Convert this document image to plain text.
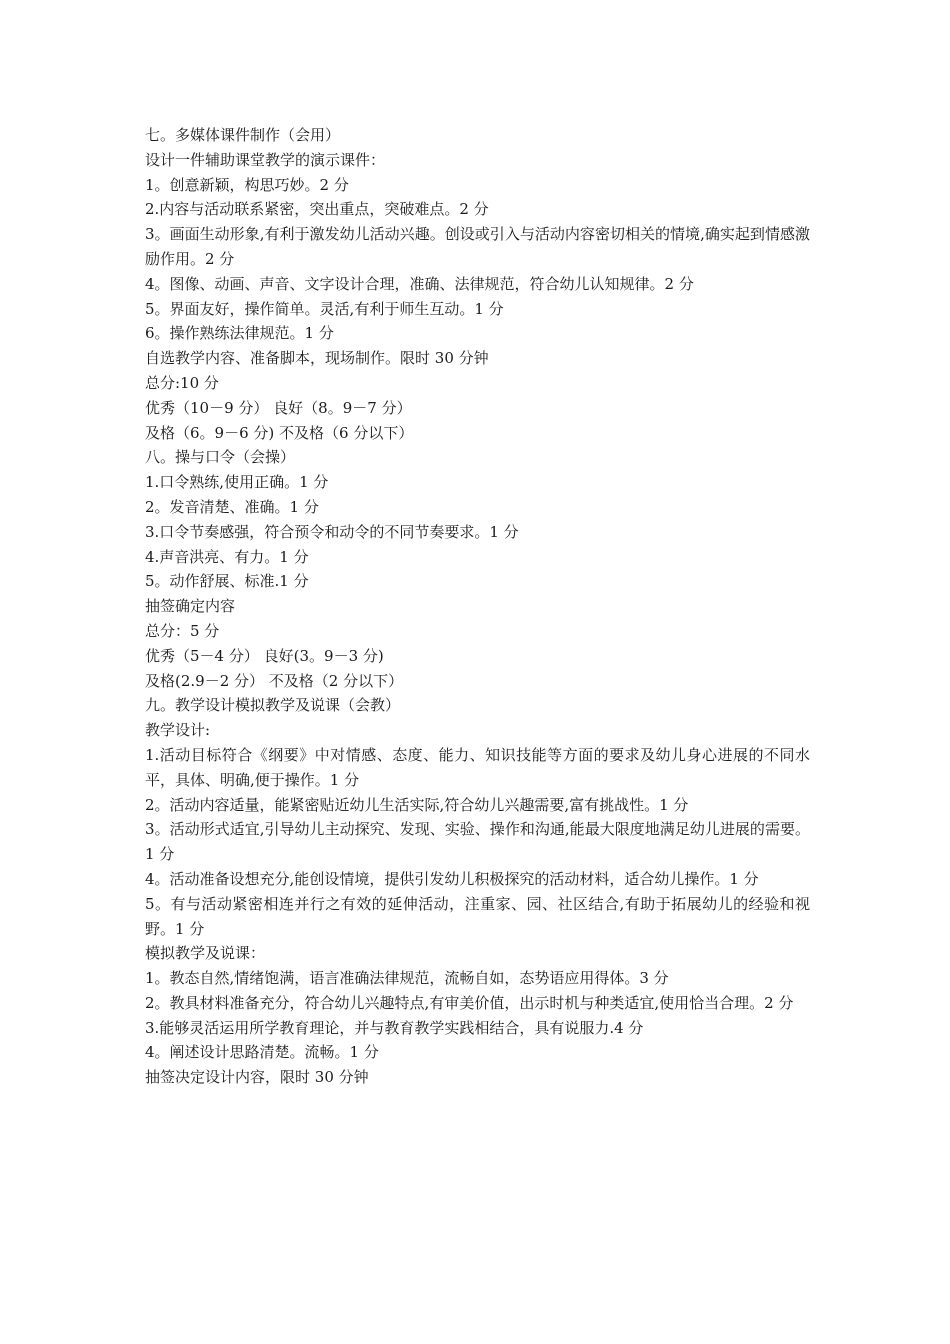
七。多媒体课件制作（会用）

设计一件辅助课堂教学的演示课件：

1。创意新颖，构思巧妙。2 分

2.内容与活动联系紧密，突出重点，突破难点。2 分

3。画面生动形象,有利于激发幼儿活动兴趣。创设或引入与活动内容密切相关的情境,确实起到情感激励作用。2 分

4。图像、动画、声音、文字设计合理，准确、法律规范，符合幼儿认知规律。2 分

5。界面友好，操作简单。灵活,有利于师生互动。1 分

6。操作熟练法律规范。1 分

自选教学内容、准备脚本，现场制作。限时 30 分钟

总分:10 分

优秀（10－9 分） 良好（8。9－7 分）

及格（6。9－6 分) 不及格（6 分以下）

八。操与口令（会操）

1.口令熟练,使用正确。1 分

2。发音清楚、准确。1 分

3.口令节奏感强，符合预令和动令的不同节奏要求。1 分

4.声音洪亮、有力。1 分

5。动作舒展、标准.1 分

抽签确定内容

总分：5 分

优秀（5－4 分） 良好(3。9－3 分)

及格(2.9－2 分） 不及格（2 分以下）

九。教学设计模拟教学及说课（会教）

教学设计:

1.活动目标符合《纲要》中对情感、态度、能力、知识技能等方面的要求及幼儿身心进展的不同水平，具体、明确,便于操作。1 分

2。活动内容适量，能紧密贴近幼儿生活实际,符合幼儿兴趣需要,富有挑战性。1 分

3。活动形式适宜,引导幼儿主动探究、发现、实验、操作和沟通,能最大限度地满足幼儿进展的需要。1 分

4。活动准备设想充分,能创设情境，提供引发幼儿积极探究的活动材料，适合幼儿操作。1 分

5。有与活动紧密相连并行之有效的延伸活动，注重家、园、社区结合,有助于拓展幼儿的经验和视野。1 分

模拟教学及说课：

1。教态自然,情绪饱满，语言准确法律规范，流畅自如，态势语应用得体。3 分

2。教具材料准备充分，符合幼儿兴趣特点,有审美价值，出示时机与种类适宜,使用恰当合理。2 分

3.能够灵活运用所学教育理论，并与教育教学实践相结合，具有说服力.4 分

4。阐述设计思路清楚。流畅。1 分

抽签决定设计内容，限时 30 分钟
